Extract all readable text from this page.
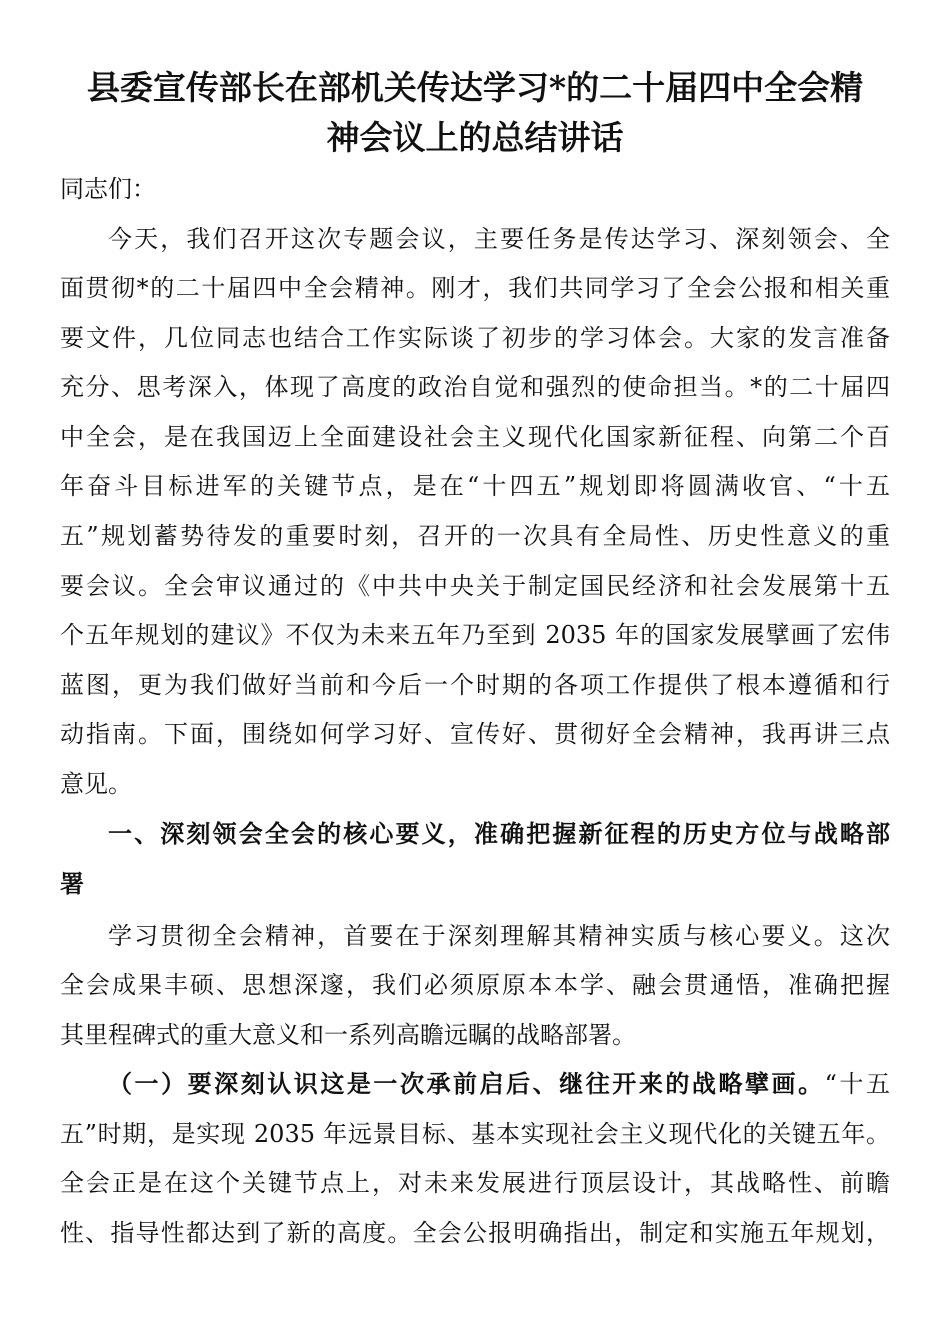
县委宣传部长在部机关传达学习*的二十届四中全会精
神会议上的总结讲话
同志们：
今天，我们召开这次专题会议，主要任务是传达学习、深刻领会、全
面贯彻*的二十届四中全会精神。刚才，我们共同学习了全会公报和相关重
要文件，几位同志也结合工作实际谈了初步的学习体会。大家的发言准备
充分、思考深入，体现了高度的政治自觉和强烈的使命担当。*的二十届四
中全会，是在我国迈上全面建设社会主义现代化国家新征程、向第二个百
年奋斗目标进军的关键节点，是在“十四五”规划即将圆满收官、“十五
五”规划蓄势待发的重要时刻，召开的一次具有全局性、历史性意义的重
要会议。全会审议通过的《中共中央关于制定国民经济和社会发展第十五
个五年规划的建议》不仅为未来五年乃至到 2035 年的国家发展擘画了宏伟
蓝图，更为我们做好当前和今后一个时期的各项工作提供了根本遵循和行
动指南。下面，围绕如何学习好、宣传好、贯彻好全会精神，我再讲三点
意见。
一、深刻领会全会的核心要义，准确把握新征程的历史方位与战略部
署
学习贯彻全会精神，首要在于深刻理解其精神实质与核心要义。这次
全会成果丰硕、思想深邃，我们必须原原本本学、融会贯通悟，准确把握
其里程碑式的重大意义和一系列高瞻远瞩的战略部署。
（一）要深刻认识这是一次承前启后、继往开来的战略擘画。“十五
五”时期，是实现 2035 年远景目标、基本实现社会主义现代化的关键五年。
全会正是在这个关键节点上，对未来发展进行顶层设计，其战略性、前瞻
性、指导性都达到了新的高度。全会公报明确指出，制定和实施五年规划，
